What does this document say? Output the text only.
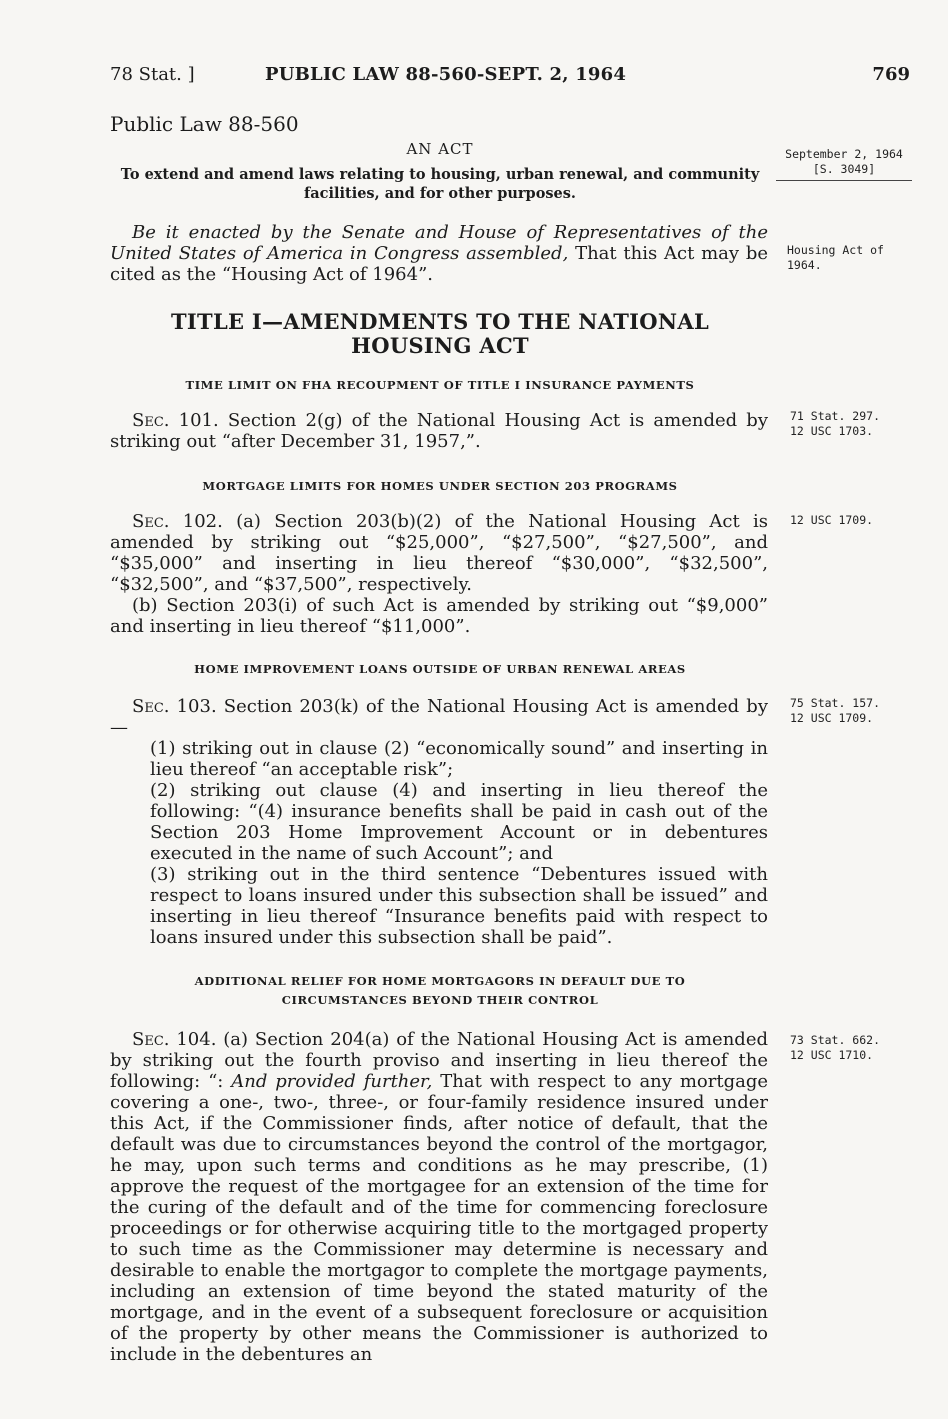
78 Stat. ]	PUBLIC LAW 88-560-SEPT. 2, 1964	769
Public Law 88-560
AN ACT
To extend and amend laws relating to housing, urban renewal, and community facilities, and for other purposes.
September 2, 1964
[S. 3049]

Be it enacted by the Senate and House of Representatives of the United States of America in Congress assembled, That this Act may be cited as the “Housing Act of 1964”.

Housing Act of 1964.
TITLE I—AMENDMENTS TO THE NATIONAL HOUSING ACT
TIME LIMIT ON FHA RECOUPMENT OF TITLE I INSURANCE PAYMENTS

Sec. 101. Section 2(g) of the National Housing Act is amended by striking out “after December 31, 1957,”.

71 Stat. 297.
12 USC 1703.
MORTGAGE LIMITS FOR HOMES UNDER SECTION 203 PROGRAMS

Sec. 102. (a) Section 203(b)(2) of the National Housing Act is amended by striking out “$25,000”, “$27,500”, “$27,500”, and “$35,000” and inserting in lieu thereof “$30,000”, “$32,500”, “$32,500”, and “$37,500”, respectively.

(b) Section 203(i) of such Act is amended by striking out “$9,000” and inserting in lieu thereof “$11,000”.

12 USC 1709.
HOME IMPROVEMENT LOANS OUTSIDE OF URBAN RENEWAL AREAS

Sec. 103. Section 203(k) of the National Housing Act is amended by—

(1) striking out in clause (2) “economically sound” and inserting in lieu thereof “an acceptable risk”;

(2) striking out clause (4) and inserting in lieu thereof the following: “(4) insurance benefits shall be paid in cash out of the Section 203 Home Improvement Account or in debentures executed in the name of such Account”; and

(3) striking out in the third sentence “Debentures issued with respect to loans insured under this subsection shall be issued” and inserting in lieu thereof “Insurance benefits paid with respect to loans insured under this subsection shall be paid”.

75 Stat. 157.
12 USC 1709.
ADDITIONAL RELIEF FOR HOME MORTGAGORS IN DEFAULT DUE TO
CIRCUMSTANCES BEYOND THEIR CONTROL

Sec. 104. (a) Section 204(a) of the National Housing Act is amended by striking out the fourth proviso and inserting in lieu thereof the following: “: And provided further, That with respect to any mortgage covering a one-, two-, three-, or four-family residence insured under this Act, if the Commissioner finds, after notice of default, that the default was due to circumstances beyond the control of the mortgagor, he may, upon such terms and conditions as he may prescribe, (1) approve the request of the mortgagee for an extension of the time for the curing of the default and of the time for commencing foreclosure proceedings or for otherwise acquiring title to the mortgaged property to such time as the Commissioner may determine is necessary and desirable to enable the mortgagor to complete the mortgage payments, including an extension of time beyond the stated maturity of the mortgage, and in the event of a subsequent foreclosure or acquisition of the property by other means the Commissioner is authorized to include in the debentures an

73 Stat. 662.
12 USC 1710.
